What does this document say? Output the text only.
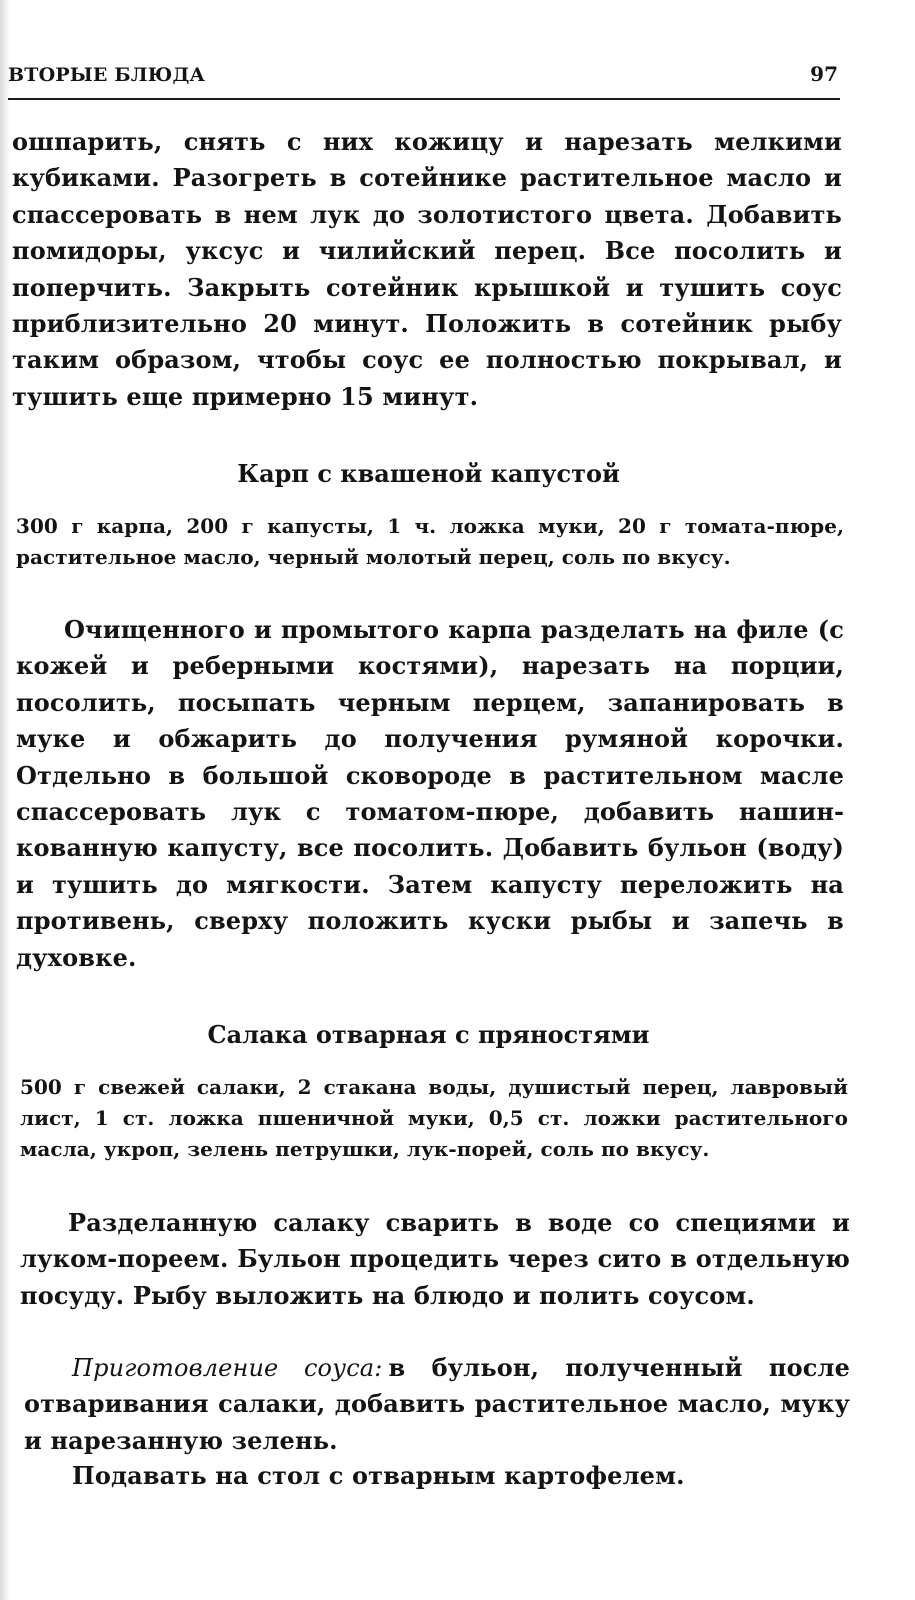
ВТОРЫЕ БЛЮДА	97

ошпарить, снять с них кожицу и нарезать мелкими кубиками. Разогреть в сотейнике растительное масло и спассеровать в нем лук до золотистого цвета. Добавить помидоры, уксус и чилийский перец. Все посолить и поперчить. Закрыть сотейник крышкой и тушить соус приблизительно 20 минут. Положить в сотейник рыбу таким образом, чтобы соус ее полностью покрывал, и тушить еще примерно 15 минут.

Карп с квашеной капустой

300 г карпа, 200 г капусты, 1 ч. ложка муки, 20 г томата-пюре, растительное масло, черный молотый перец, соль по вкусу.

Очищенного и промытого карпа разделать на филе (с кожей и реберными костями), нарезать на порции, посолить, посыпать черным перцем, запанировать в муке и обжарить до получения румяной корочки. Отдельно в большой сковороде в растительном масле спассеровать лук с томатом-пюре, добавить нашинкованную капусту, все посолить. Добавить бульон (воду) и тушить до мягкости. Затем капусту переложить на противень, сверху положить куски рыбы и запечь в духовке.

Салака отварная с пряностями

500 г свежей салаки, 2 стакана воды, душистый перец, лавровый лист, 1 ст. ложка пшеничной муки, 0,5 ст. ложки растительного масла, укроп, зелень петрушки, лук-порей, соль по вкусу.

Разделанную салаку сварить в воде со специями и луком-пореем. Бульон процедить через сито в отдельную посуду. Рыбу выложить на блюдо и полить соусом.

Приготовление соуса: в бульон, полученный после отваривания салаки, добавить растительное масло, муку и нарезанную зелень.

Подавать на стол с отварным картофелем.
